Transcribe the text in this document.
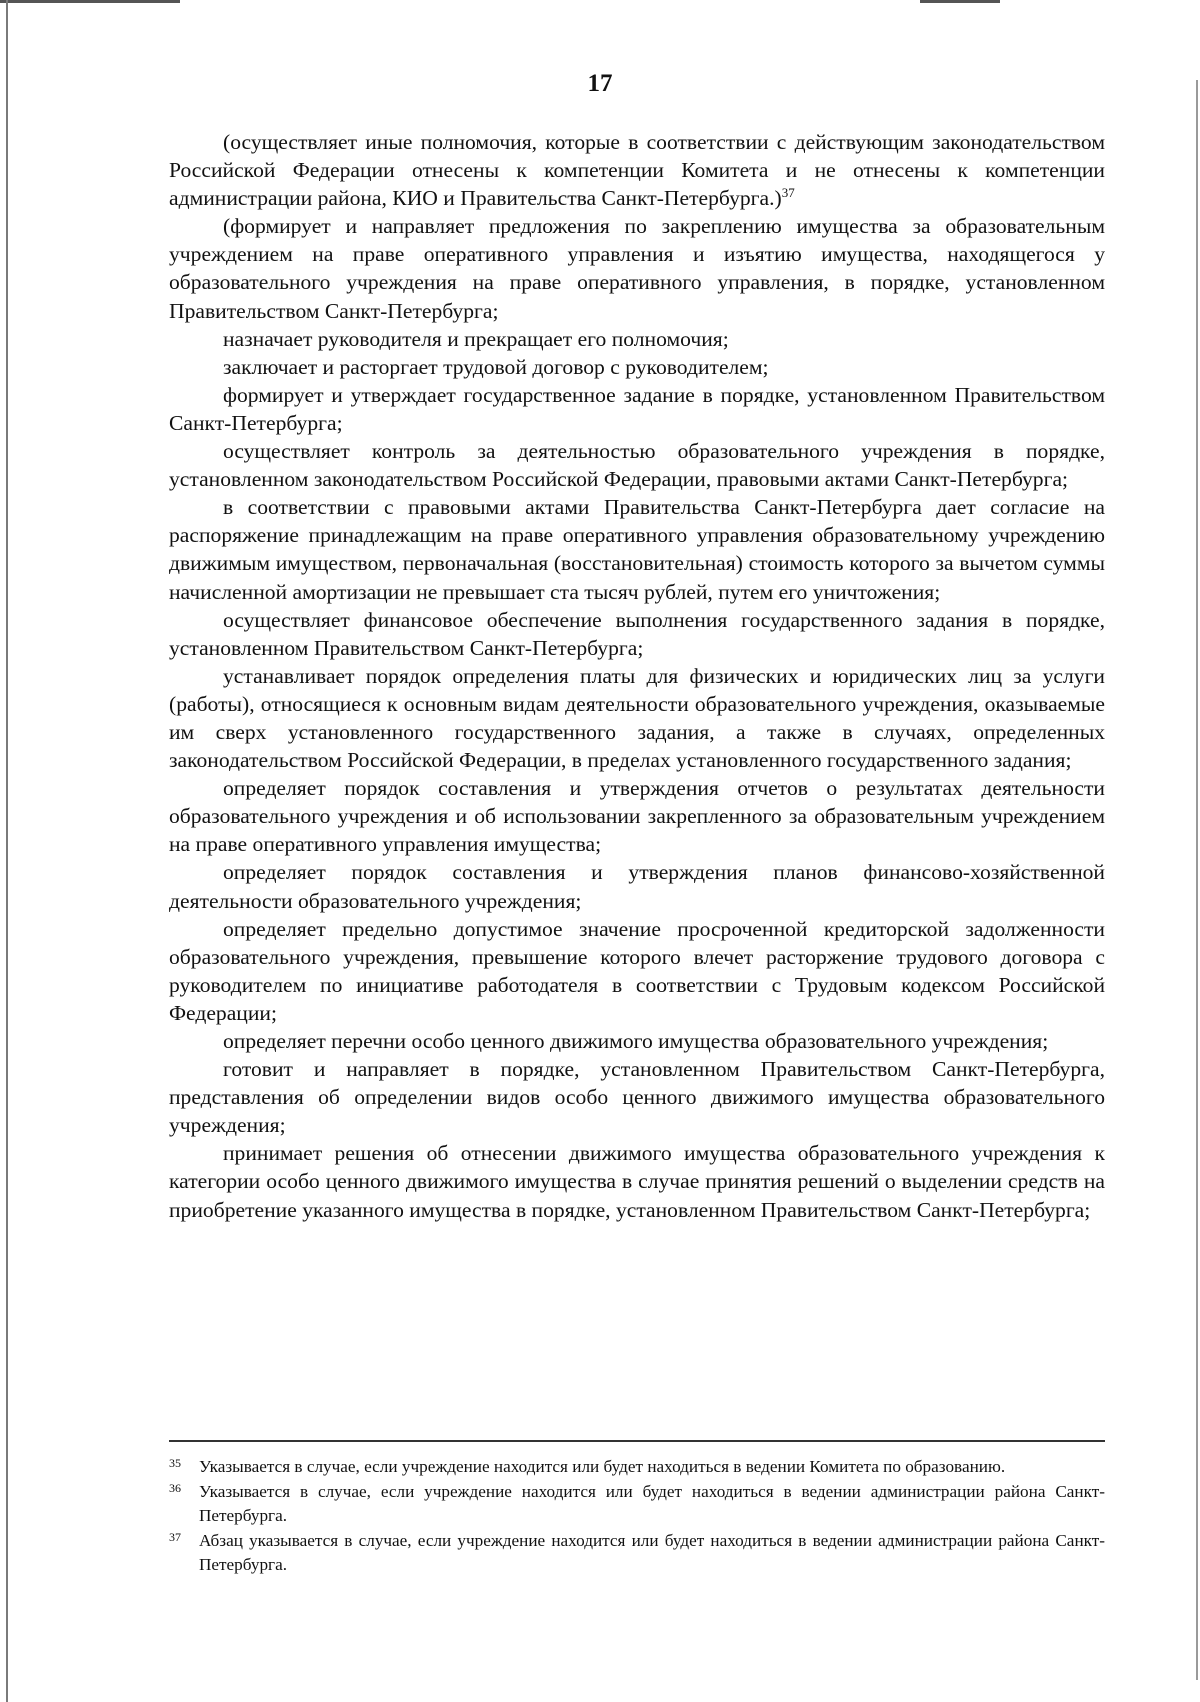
17

(осуществляет иные полномочия, которые в соответствии с действующим законодательством Российской Федерации отнесены к компетенции Комитета и не отнесены к компетенции администрации района, КИО и Правительства Санкт-Петербурга.)$^{37}$

(формирует и направляет предложения по закреплению имущества за образовательным учреждением на праве оперативного управления и изъятию имущества, находящегося у образовательного учреждения на праве оперативного управления, в порядке, установленном Правительством Санкт-Петербурга;

назначает руководителя и прекращает его полномочия;

заключает и расторгает трудовой договор с руководителем;

формирует и утверждает государственное задание в порядке, установленном Правительством Санкт-Петербурга;

осуществляет контроль за деятельностью образовательного учреждения в порядке, установленном законодательством Российской Федерации, правовыми актами Санкт-Петербурга;

в соответствии с правовыми актами Правительства Санкт-Петербурга дает согласие на распоряжение принадлежащим на праве оперативного управления образовательному учреждению движимым имуществом, первоначальная (восстановительная) стоимость которого за вычетом суммы начисленной амортизации не превышает ста тысяч рублей, путем его уничтожения;

осуществляет финансовое обеспечение выполнения государственного задания в порядке, установленном Правительством Санкт-Петербурга;

устанавливает порядок определения платы для физических и юридических лиц за услуги (работы), относящиеся к основным видам деятельности образовательного учреждения, оказываемые им сверх установленного государственного задания, а также в случаях, определенных законодательством Российской Федерации, в пределах установленного государственного задания;

определяет порядок составления и утверждения отчетов о результатах деятельности образовательного учреждения и об использовании закрепленного за образовательным учреждением на праве оперативного управления имущества;

определяет порядок составления и утверждения планов финансово-хозяйственной деятельности образовательного учреждения;

определяет предельно допустимое значение просроченной кредиторской задолженности образовательного учреждения, превышение которого влечет расторжение трудового договора с руководителем по инициативе работодателя в соответствии с Трудовым кодексом Российской Федерации;

определяет перечни особо ценного движимого имущества образовательного учреждения;

готовит и направляет в порядке, установленном Правительством Санкт-Петербурга, представления об определении видов особо ценного движимого имущества образовательного учреждения;

принимает решения об отнесении движимого имущества образовательного учреждения к категории особо ценного движимого имущества в случае принятия решений о выделении средств на приобретение указанного имущества в порядке, установленном Правительством Санкт-Петербурга;

35 Указывается в случае, если учреждение находится или будет находиться в ведении Комитета по образованию.
36 Указывается в случае, если учреждение находится или будет находиться в ведении администрации района Санкт-Петербурга.
37 Абзац указывается в случае, если учреждение находится или будет находиться в ведении администрации района Санкт-Петербурга.
